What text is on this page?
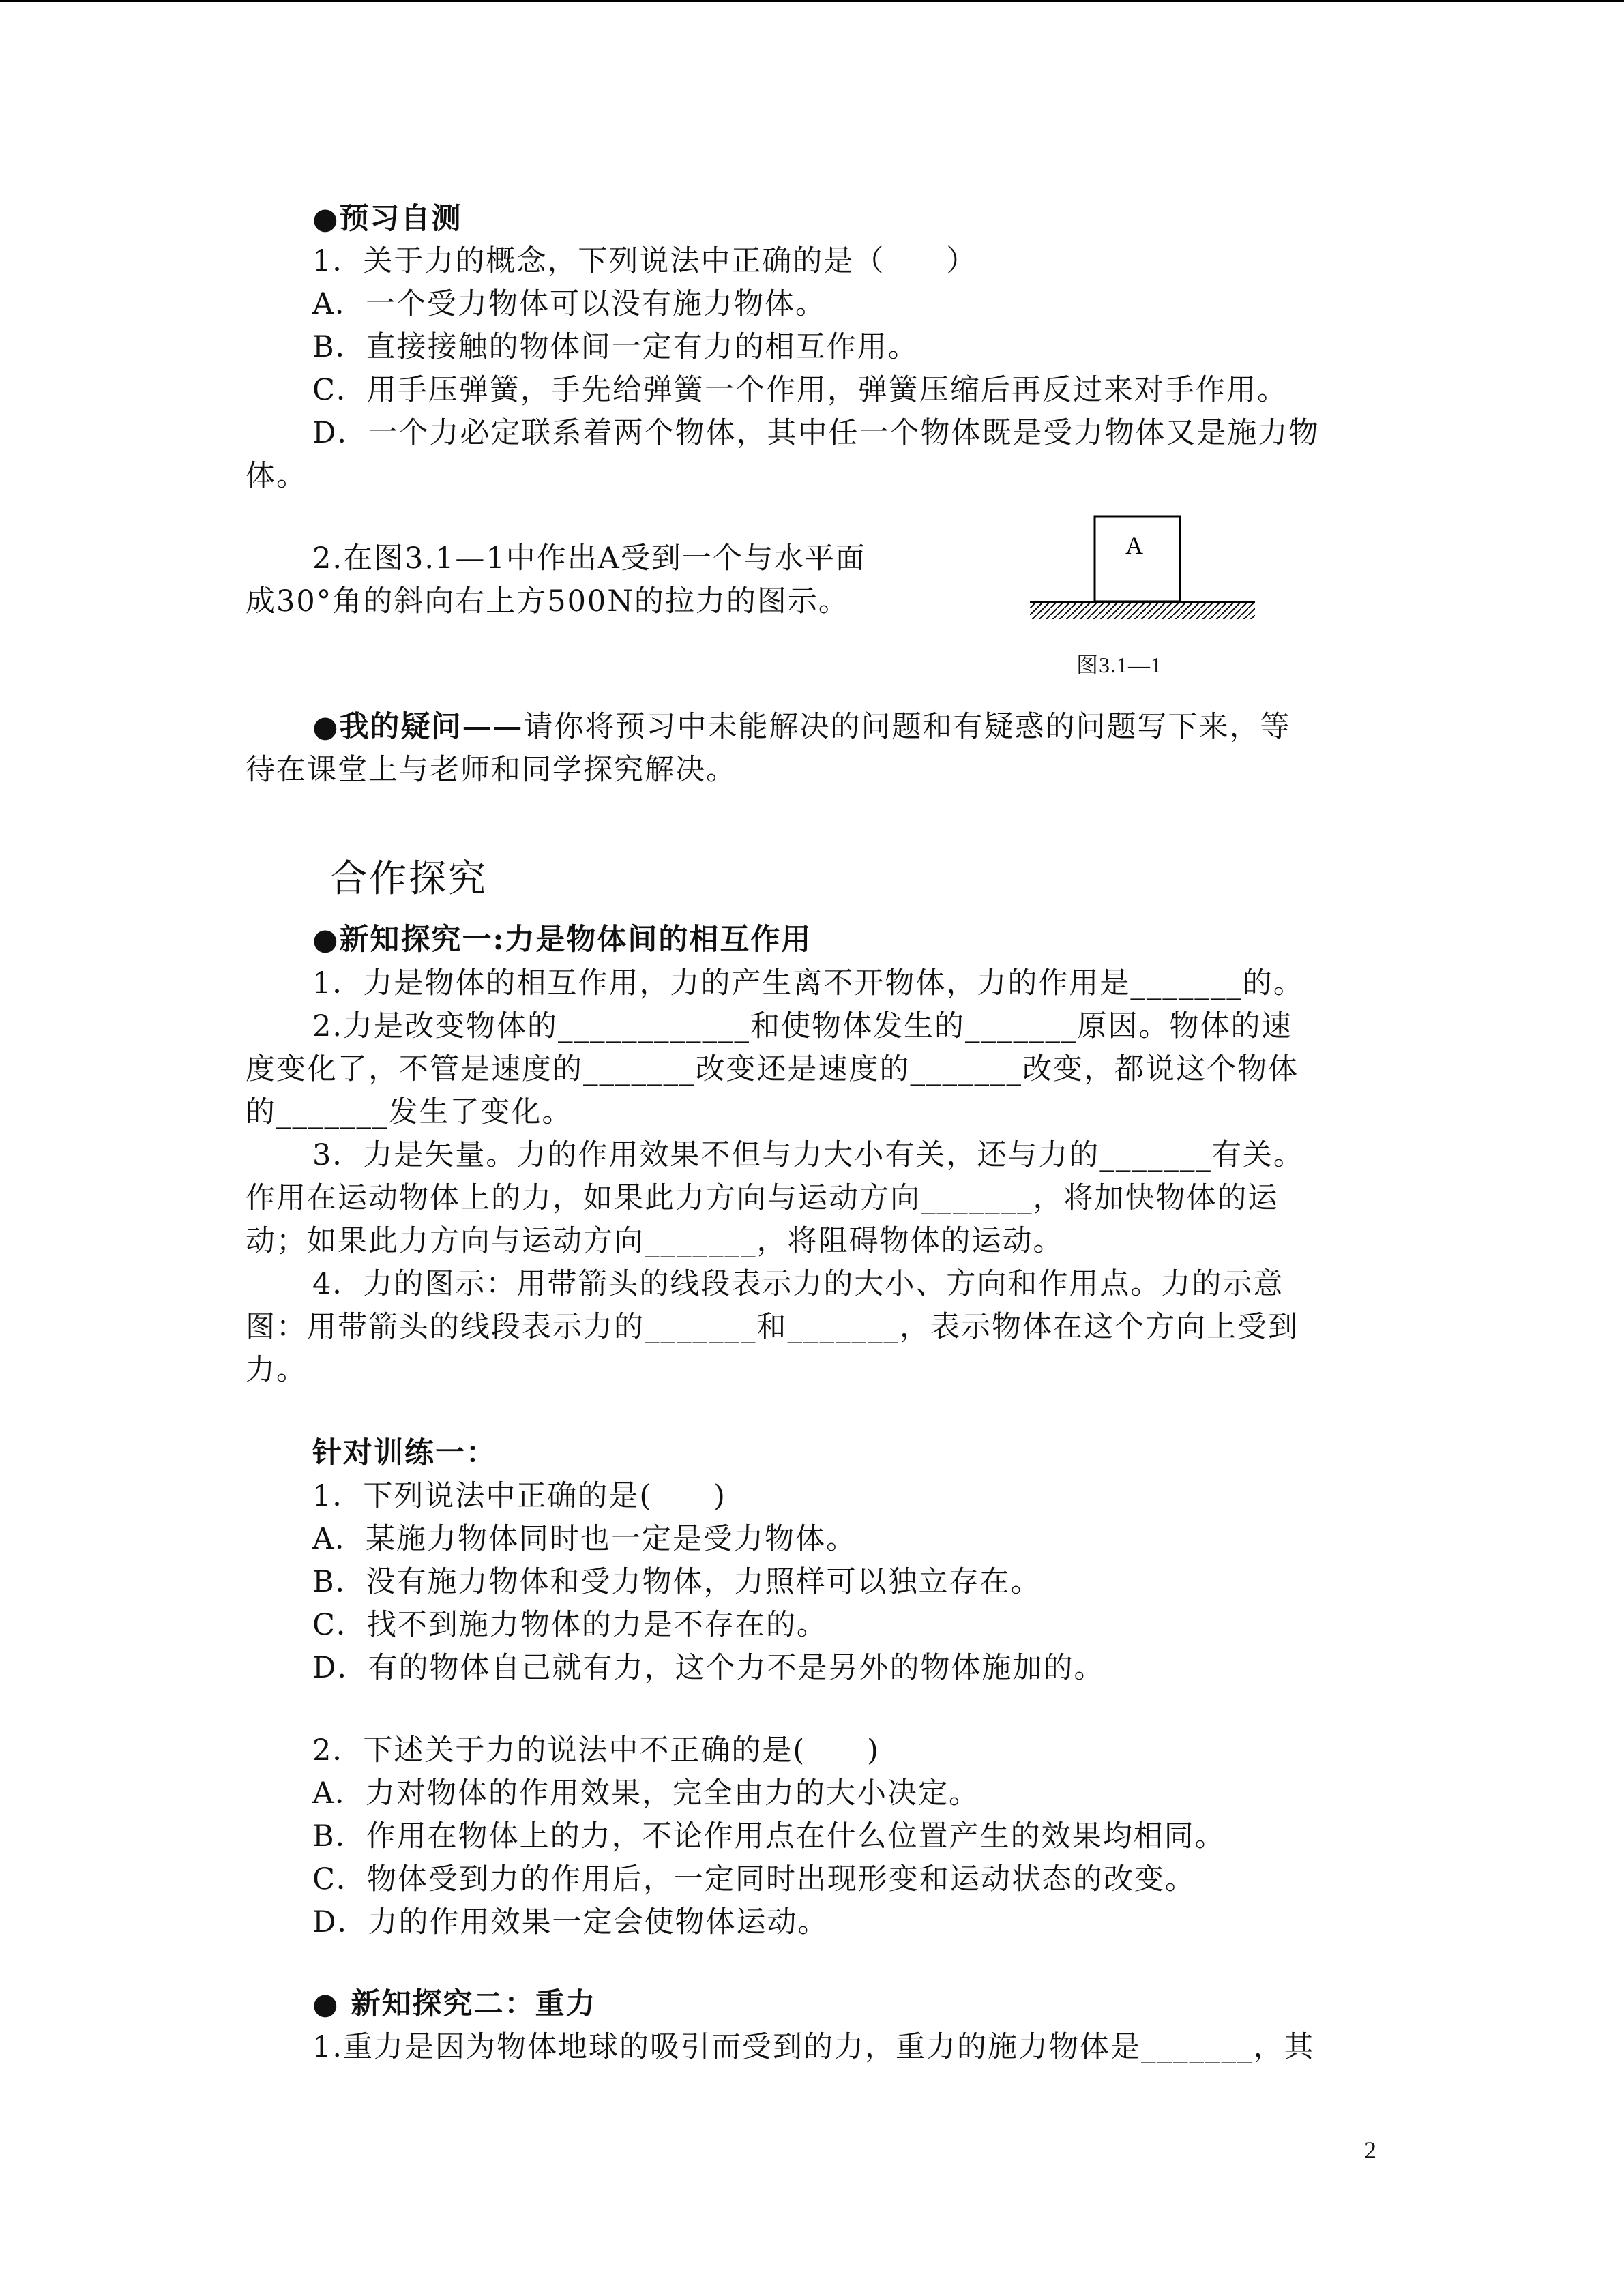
●预习自测
1．关于力的概念，下列说法中正确的是（　　）
A．一个受力物体可以没有施力物体。
B．直接接触的物体间一定有力的相互作用。
C．用手压弹簧，手先给弹簧一个作用，弹簧压缩后再反过来对手作用。
D．一个力必定联系着两个物体，其中任一个物体既是受力物体又是施力物
体。
2.在图3.1—1中作出A受到一个与水平面
成30°角的斜向右上方500N的拉力的图示。
A
图3.1—1
●我的疑问——请你将预习中未能解决的问题和有疑惑的问题写下来，等
待在课堂上与老师和同学探究解决。
合作探究
●新知探究一:力是物体间的相互作用
1．力是物体的相互作用，力的产生离不开物体，力的作用是_______的。
2.力是改变物体的____________和使物体发生的_______原因。物体的速
度变化了，不管是速度的_______改变还是速度的_______改变，都说这个物体
的_______发生了变化。
3．力是矢量。力的作用效果不但与力大小有关，还与力的_______有关。
作用在运动物体上的力，如果此力方向与运动方向_______，将加快物体的运
动；如果此力方向与运动方向_______，将阻碍物体的运动。
4．力的图示：用带箭头的线段表示力的大小、方向和作用点。力的示意
图：用带箭头的线段表示力的_______和_______，表示物体在这个方向上受到
力。
针对训练一：
1．下列说法中正确的是(　　)
A．某施力物体同时也一定是受力物体。
B．没有施力物体和受力物体，力照样可以独立存在。
C．找不到施力物体的力是不存在的。
D．有的物体自己就有力，这个力不是另外的物体施加的。
2．下述关于力的说法中不正确的是(　　)
A．力对物体的作用效果，完全由力的大小决定。
B．作用在物体上的力，不论作用点在什么位置产生的效果均相同。
C．物体受到力的作用后，一定同时出现形变和运动状态的改变。
D．力的作用效果一定会使物体运动。
● 新知探究二：重力
1.重力是因为物体地球的吸引而受到的力，重力的施力物体是_______，其
2
